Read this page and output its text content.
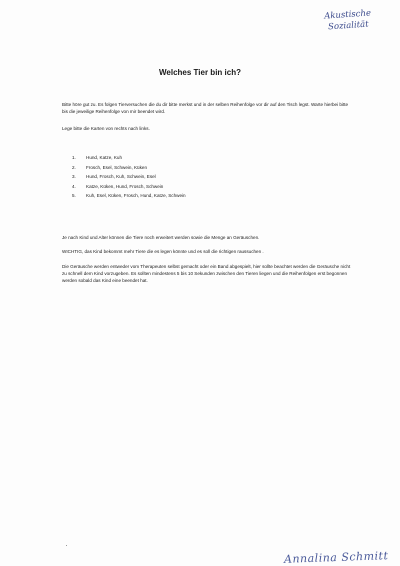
Akustische
Sozialität
Welches Tier bin ich?

Bitte höre gut zu. Es folgen Tierversuchen die du dir bitte merkst und in der selben Reihenfolge vor dir auf den Tisch legst. Warte hierbei bitte bis die jeweilige Reihenfolge von mir beendet wird.

Lege bitte die Karten von rechts nach links.
1.	Hund, Katze, Kuh
2.	Frosch, Esel, Schwein, Küken
3.	Hund, Frosch, Kuh, Schwein, Esel
4.	Katze, Küken, Hund, Frosch, Schwein
5.	Kuh, Esel, Küken, Frosch, Hund, Katze, Schwein
Je nach Kind und Alter können die Tiere noch erweitert werden sowie die Menge an Geräuschen.
WICHTIG, das Kind bekommt mehr Tiere die es legen könnte und es soll die richtigen raussuchen .
Die Geräusche werden entweder vom Therapeuten selbst gemacht oder ein Band abgespielt, hier sollte beachtet werden die Geräusche nicht zu schnell dem Kind vorzugeben. Es sollten mindestens 5 bis 10 Sekunden zwischen den Tieren liegen und die Reihenfolgen erst begonnen werden sobald das Kind eine beendet hat.
Annalina Schmitt
